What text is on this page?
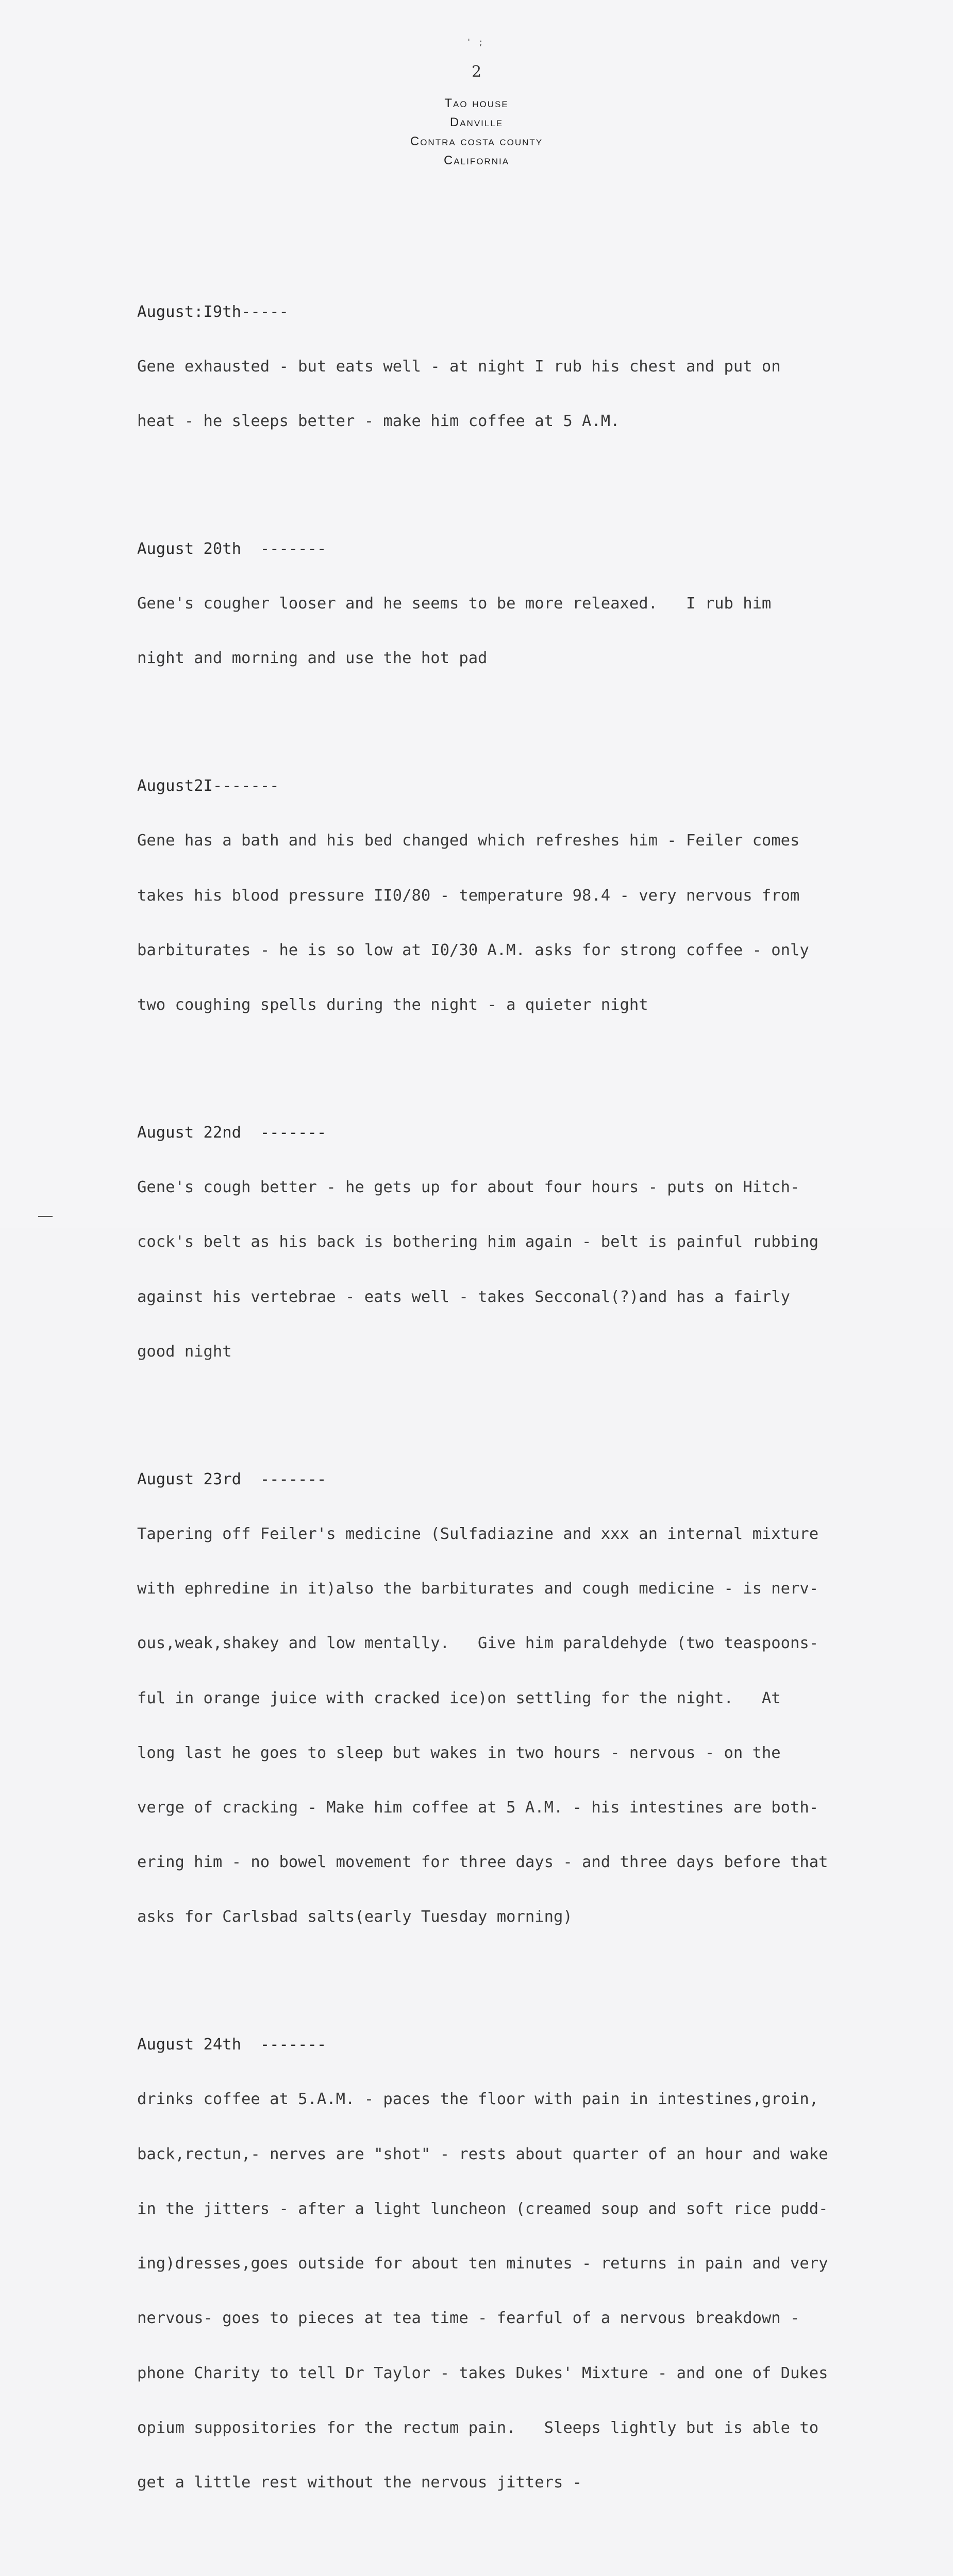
' ;
2
Tao house
Danville
Contra costa county
California

August:I9th-----

Gene exhausted - but eats well - at night I rub his chest and put on

heat - he sleeps better - make him coffee at 5 A.M.

August 20th  -------

Gene's cougher looser and he seems to be more releaxed.   I rub him

night and morning and use the hot pad

August2I-------

Gene has a bath and his bed changed which refreshes him - Feiler comes

takes his blood pressure II0/80 - temperature 98.4 - very nervous from

barbiturates - he is so low at I0/30 A.M. asks for strong coffee - only

two coughing spells during the night - a quieter night

August 22nd  -------

Gene's cough better - he gets up for about four hours - puts on Hitch-

cock's belt as his back is bothering him again - belt is painful rubbing

against his vertebrae - eats well - takes Secconal(?)and has a fairly

good night

August 23rd  -------

Tapering off Feiler's medicine (Sulfadiazine and xxx an internal mixture

with ephredine in it)also the barbiturates and cough medicine - is nerv-

ous,weak,shakey and low mentally.   Give him paraldehyde (two teaspoons-

ful in orange juice with cracked ice)on settling for the night.   At

long last he goes to sleep but wakes in two hours - nervous - on the

verge of cracking - Make him coffee at 5 A.M. - his intestines are both-

ering him - no bowel movement for three days - and three days before that

asks for Carlsbad salts(early Tuesday morning)

August 24th  -------

drinks coffee at 5.A.M. - paces the floor with pain in intestines,groin,

back,rectun,- nerves are "shot" - rests about quarter of an hour and wake

in the jitters - after a light luncheon (creamed soup and soft rice pudd-

ing)dresses,goes outside for about ten minutes - returns in pain and very

nervous- goes to pieces at tea time - fearful of a nervous breakdown -

phone Charity to tell Dr Taylor - takes Dukes' Mixture - and one of Dukes

opium suppositories for the rectum pain.   Sleeps lightly but is able to

get a little rest without the nervous jitters -
